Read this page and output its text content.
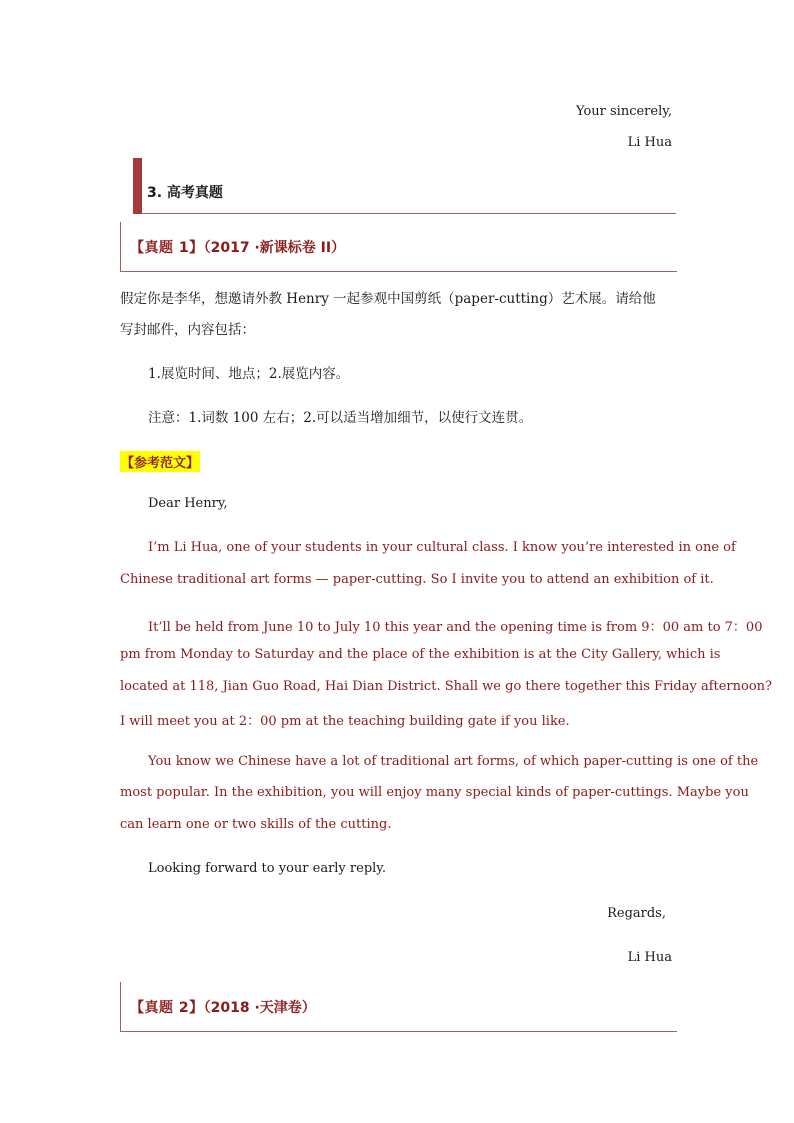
Your sincerely,
Li Hua
3. 高考真题
【真题 1】（2017 ·新课标卷 II）
假定你是李华，想邀请外教 Henry 一起参观中国剪纸（paper-cutting）艺术展。请给他
写封邮件，内容包括：
1.展览时间、地点；2.展览内容。
注意：1.词数 100 左右；2.可以适当增加细节，以使行文连贯。
【参考范文】
Dear Henry,
I’m Li Hua, one of your students in your cultural class. I know you’re interested in one of
Chinese traditional art forms — paper-cutting. So I invite you to attend an exhibition of it.
It’ll be held from June 10 to July 10 this year and the opening time is from 9：00 am to 7：00
pm from Monday to Saturday and the place of the exhibition is at the City Gallery, which is
located at 118, Jian Guo Road, Hai Dian District. Shall we go there together this Friday afternoon?
I will meet you at 2：00 pm at the teaching building gate if you like.
You know we Chinese have a lot of traditional art forms, of which paper-cutting is one of the
most popular. In the exhibition, you will enjoy many special kinds of paper-cuttings. Maybe you
can learn one or two skills of the cutting.
Looking forward to your early reply.
Regards,
Li Hua
【真题 2】（2018 ·天津卷）
